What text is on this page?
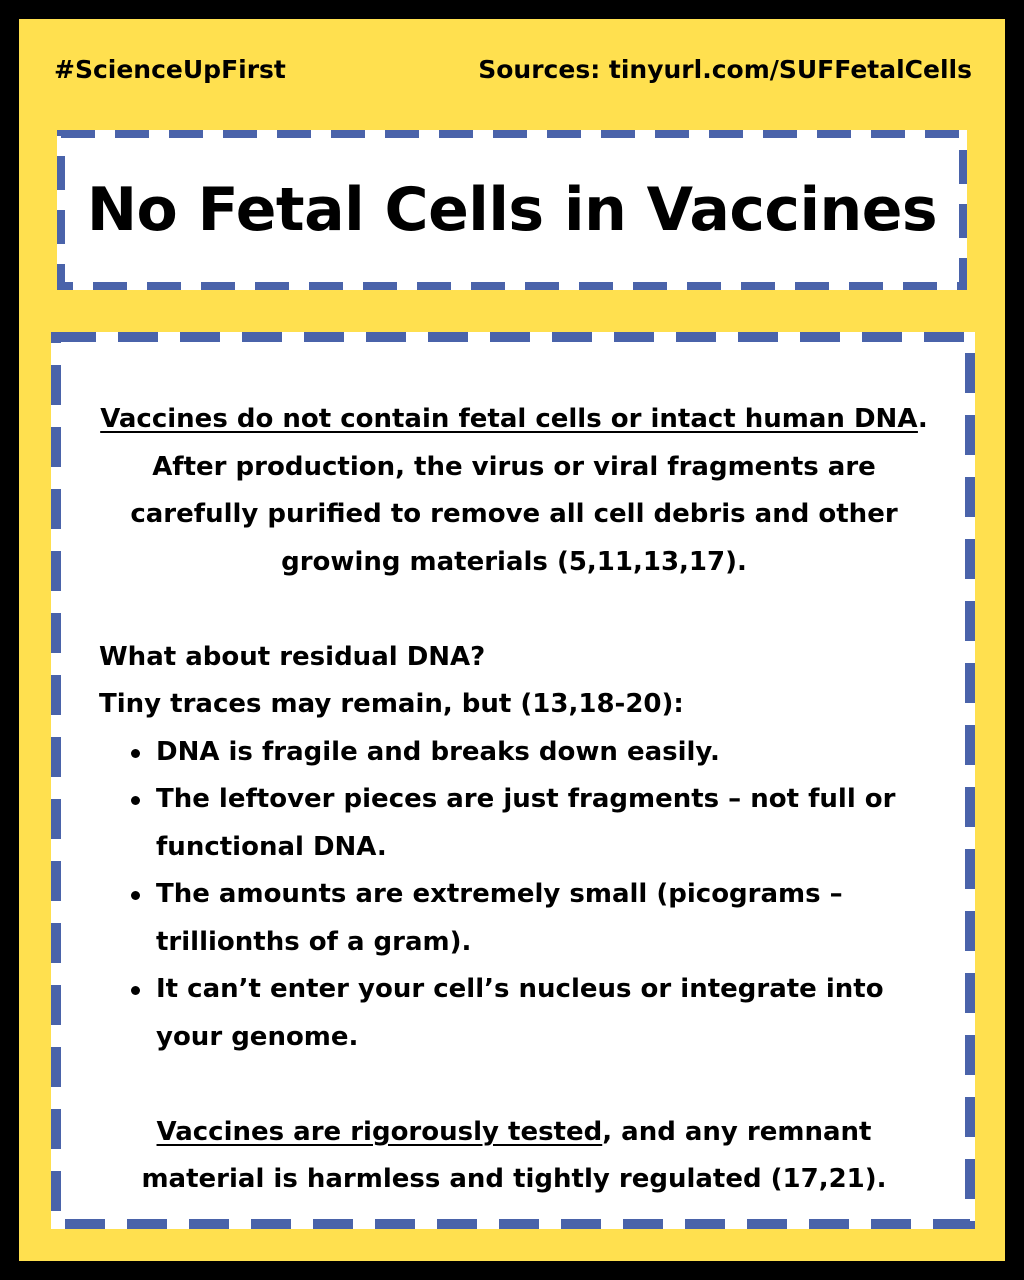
#ScienceUpFirst	Sources: tinyurl.com/SUFFetalCells
No Fetal Cells in Vaccines

Vaccines do not contain fetal cells or intact human DNA. After production, the virus or viral fragments are carefully purified to remove all cell debris and other growing materials (5,11,13,17).

What about residual DNA?

Tiny traces may remain, but (13,18-20):

DNA is fragile and breaks down easily.
The leftover pieces are just fragments – not full or functional DNA.
The amounts are extremely small (picograms – trillionths of a gram).
It can’t enter your cell’s nucleus or integrate into your genome.

Vaccines are rigorously tested, and any remnant material is harmless and tightly regulated (17,21).
